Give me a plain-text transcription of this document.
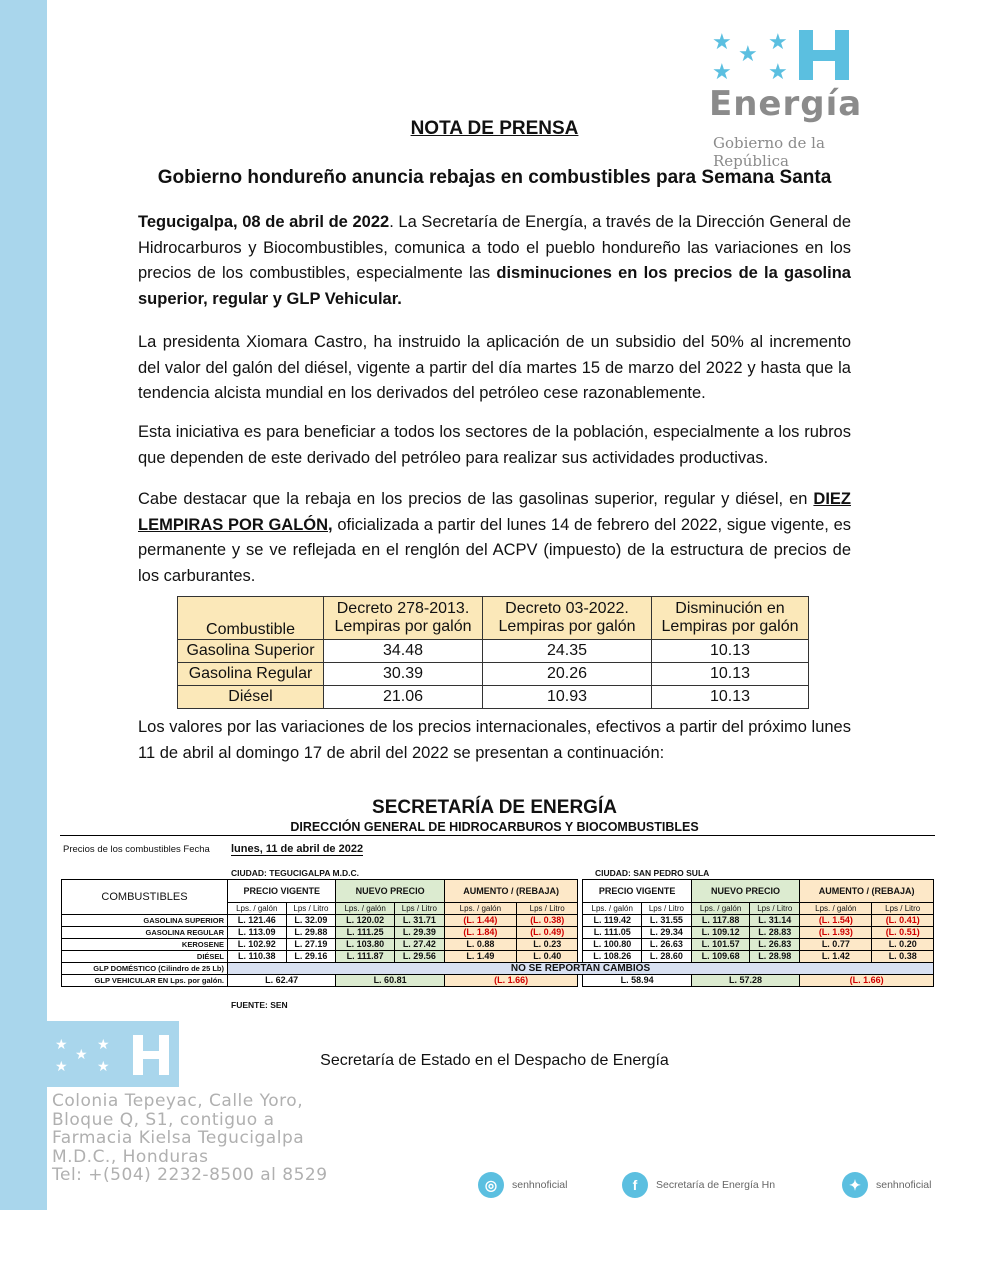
★ ★ ★
★ ★
Energía
Gobierno de la República
NOTA DE PRENSA
Gobierno hondureño anuncia rebajas en combustibles para Semana Santa
Tegucigalpa, 08 de abril de 2022. La Secretaría de Energía, a través de la Dirección General de Hidrocarburos y Biocombustibles, comunica a todo el pueblo hondureño las variaciones en los precios de los combustibles, especialmente las disminuciones en los precios de la gasolina superior, regular y GLP Vehicular.
La presidenta Xiomara Castro, ha instruido la aplicación de un subsidio del 50% al incremento del valor del galón del diésel, vigente a partir del día martes 15 de marzo del 2022 y hasta que la tendencia alcista mundial en los derivados del petróleo cese razonablemente.
Esta iniciativa es para beneficiar a todos los sectores de la población, especialmente a los rubros que dependen de este derivado del petróleo para realizar sus actividades productivas.
Cabe destacar que la rebaja en los precios de las gasolinas superior, regular y diésel, en DIEZ LEMPIRAS POR GALÓN, oficializada a partir del lunes 14 de febrero del 2022, sigue vigente, es permanente y se ve reflejada en el renglón del ACPV (impuesto) de la estructura de precios de los carburantes.
Combustible	Decreto 278-2013. Lempiras por galón	Decreto 03-2022. Lempiras por galón	Disminución en Lempiras por galón
Gasolina Superior	34.48	24.35	10.13
Gasolina Regular	30.39	20.26	10.13
Diésel	21.06	10.93	10.13
Los valores por las variaciones de los precios internacionales, efectivos a partir del próximo lunes 11 de abril al domingo 17 de abril del 2022 se presentan a continuación:
SECRETARÍA DE ENERGÍA
DIRECCIÓN GENERAL DE HIDROCARBUROS Y BIOCOMBUSTIBLES
Precios de los combustibles Fecha lunes, 11 de abril de 2022
CIUDAD: TEGUCIGALPA M.D.C.	CIUDAD: SAN PEDRO SULA
COMBUSTIBLES	PRECIO VIGENTE		NUEVO PRECIO		AUMENTO / (REBAJA)			PRECIO VIGENTE		NUEVO PRECIO		AUMENTO / (REBAJA)	
	Lps. / galón	Lps / Litro	Lps. / galón	Lps / Litro	Lps. / galón	Lps / Litro		Lps. / galón	Lps / Litro	Lps. / galón	Lps / Litro	Lps. / galón	Lps / Litro
GASOLINA SUPERIOR	L. 121.46	L. 32.09	L. 120.02	L. 31.71	(L. 1.44)	(L. 0.38)		L. 119.42	L. 31.55	L. 117.88	L. 31.14	(L. 1.54)	(L. 0.41)
GASOLINA REGULAR	L. 113.09	L. 29.88	L. 111.25	L. 29.39	(L. 1.84)	(L. 0.49)		L. 111.05	L. 29.34	L. 109.12	L. 28.83	(L. 1.93)	(L. 0.51)
KEROSENE	L. 102.92	L. 27.19	L. 103.80	L. 27.42	L. 0.88	L. 0.23		L. 100.80	L. 26.63	L. 101.57	L. 26.83	L. 0.77	L. 0.20
DIÉSEL	L. 110.38	L. 29.16	L. 111.87	L. 29.56	L. 1.49	L. 0.40		L. 108.26	L. 28.60	L. 109.68	L. 28.98	L. 1.42	L. 0.38
GLP DOMÉSTICO (Cilindro de 25 Lb)	NO SE REPORTAN CAMBIOS												
GLP VEHICULAR EN Lps. por galón.	L. 62.47		L. 60.81		(L. 1.66)			L. 58.94		L. 57.28		(L. 1.66)	
FUENTE: SEN
★
★
★
★ ★	Secretaría de Estado en el Despacho de Energía
Colonia Tepeyac, Calle Yoro,
Bloque Q, S1, contiguo a
Farmacia Kielsa Tegucigalpa
M.D.C., Honduras
Tel: +(504) 2232-8500 al 8529	◎	senhnoficial	f	Secretaría de Energía Hn	✦	senhnoficial
